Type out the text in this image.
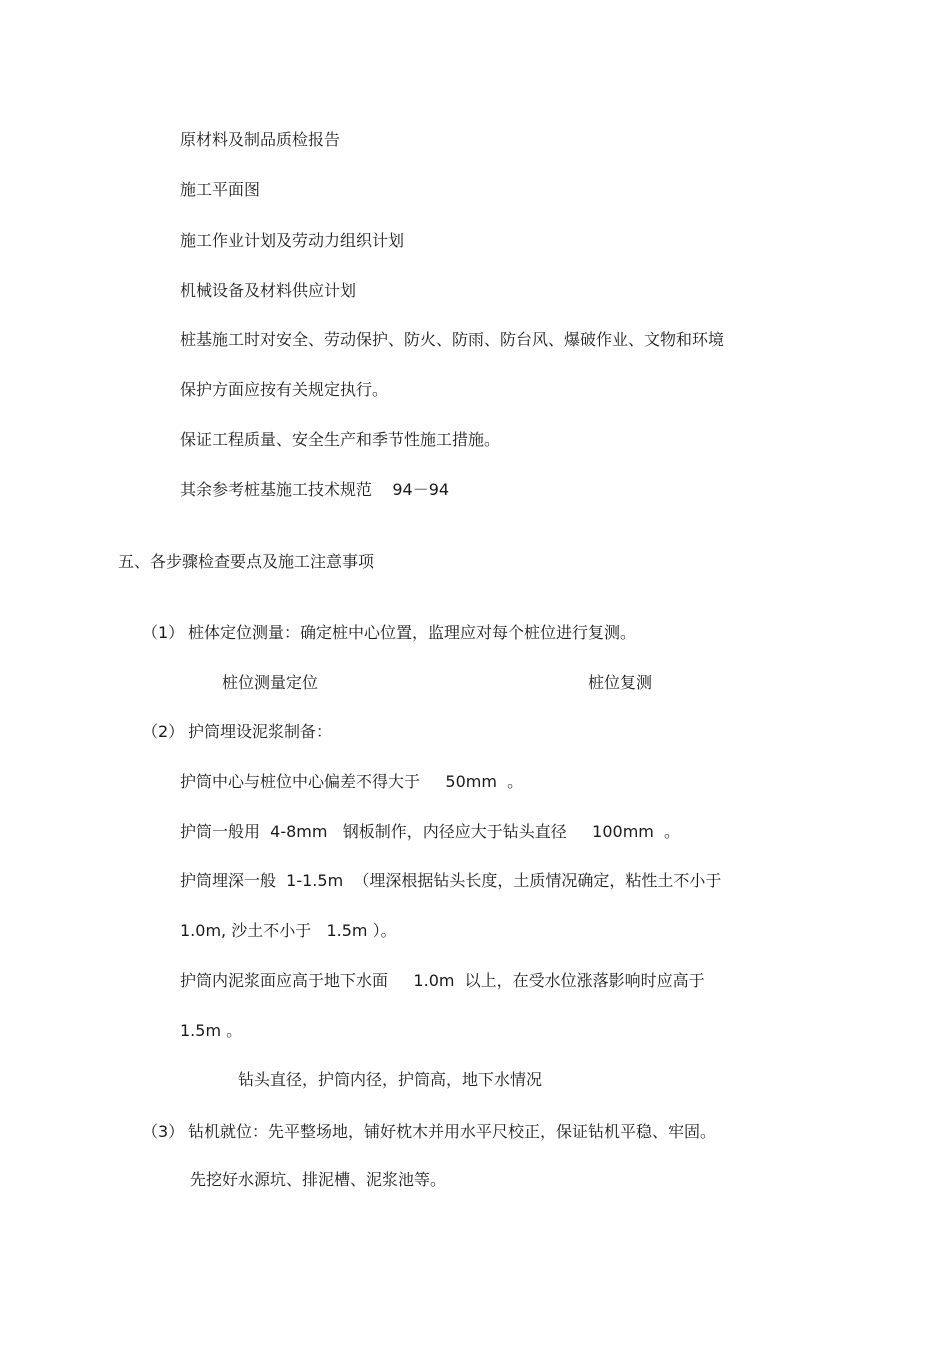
原材料及制品质检报告

施工平面图

施工作业计划及劳动力组织计划

机械设备及材料供应计划

桩基施工时对安全、劳动保护、防火、防雨、防台风、爆破作业、文物和环境

保护方面应按有关规定执行。

保证工程质量、安全生产和季节性施工措施。

其余参考桩基施工技术规范    94－94

五、各步骤检查要点及施工注意事项

（1） 桩体定位测量：确定桩中心位置，监理应对每个桩位进行复测。

桩位测量定位	桩位复测

（2） 护筒埋设泥浆制备：

护筒中心与桩位中心偏差不得大于     50mm  。

护筒一般用  4-8mm   钢板制作，内径应大于钻头直径     100mm  。

护筒埋深一般  1-1.5m  （埋深根据钻头长度，土质情况确定，粘性土不小于

1.0m, 沙土不小于   1.5m ）。

护筒内泥浆面应高于地下水面     1.0m  以上，在受水位涨落影响时应高于

1.5m 。

钻头直径，护筒内径，护筒高，地下水情况

（3） 钻机就位：先平整场地，铺好枕木并用水平尺校正，保证钻机平稳、牢固。

先挖好水源坑、排泥槽、泥浆池等。
